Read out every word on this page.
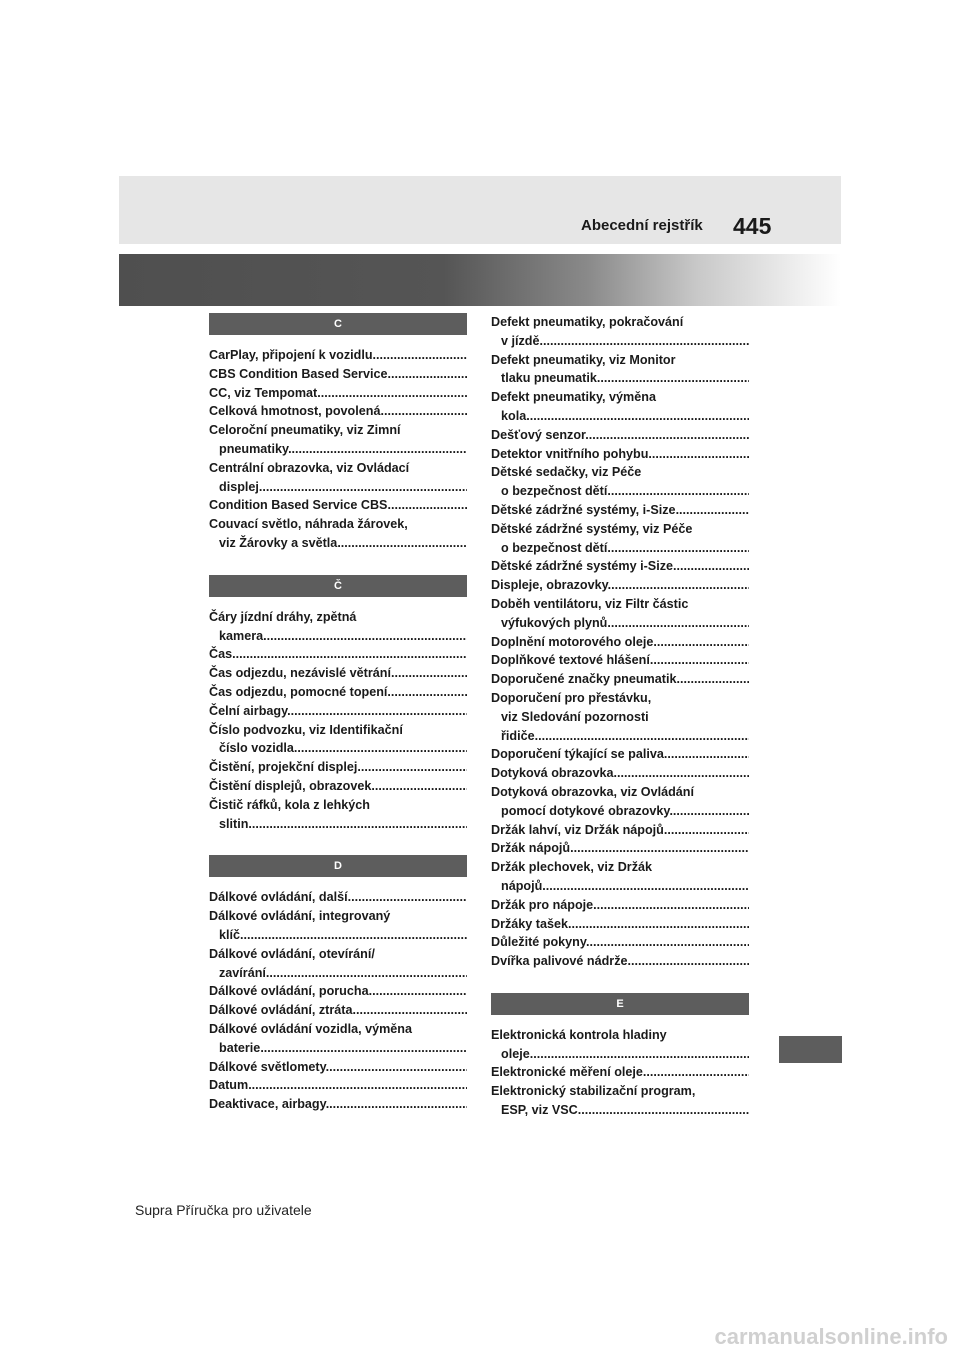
Abecední rejstřík 445
C
CarPlay, připojení k vozidlu.....
CBS Condition Based Service.....
CC, viz Tempomat.....
Celková hmotnost, povolená.....
Celoroční pneumatiky, viz Zimní
pneumatiky.....
Centrální obrazovka, viz Ovládací
displej.....
Condition Based Service CBS.....
Couvací světlo, náhrada žárovek,
viz Žárovky a světla.....
Č
Čáry jízdní dráhy, zpětná
kamera.....
Čas.....
Čas odjezdu, nezávislé větrání.....
Čas odjezdu, pomocné topení.....
Čelní airbagy.....
Číslo podvozku, viz Identifikační
číslo vozidla.....
Čistění, projekční displej.....
Čistění displejů, obrazovek.....
Čistič ráfků, kola z lehkých
slitin.....
D
Dálkové ovládání, další.....
Dálkové ovládání, integrovaný
klíč.....
Dálkové ovládání, otevírání/
zavírání.....
Dálkové ovládání, porucha.....
Dálkové ovládání, ztráta.....
Dálkové ovládání vozidla, výměna
baterie.....
Dálkové světlomety.....
Datum.....
Deaktivace, airbagy.....
Defekt pneumatiky, pokračování
v jízdě.....
Defekt pneumatiky, viz Monitor
tlaku pneumatik.....
Defekt pneumatiky, výměna
kola.....
Dešťový senzor.....
Detektor vnitřního pohybu.....
Dětské sedačky, viz Péče
o bezpečnost dětí.....
Dětské zádržné systémy, i-Size.....
Dětské zádržné systémy, viz Péče
o bezpečnost dětí.....
Dětské zádržné systémy i-Size.....
Displeje, obrazovky.....
Doběh ventilátoru, viz Filtr částic
výfukových plynů.....
Doplnění motorového oleje.....
Doplňkové textové hlášení.....
Doporučené značky pneumatik.....
Doporučení pro přestávku,
viz Sledování pozornosti
řidiče.....
Doporučení týkající se paliva.....
Dotyková obrazovka.....
Dotyková obrazovka, viz Ovládání
pomocí dotykové obrazovky.....
Držák lahví, viz Držák nápojů.....
Držák nápojů.....
Držák plechovek, viz Držák
nápojů.....
Držák pro nápoje.....
Držáky tašek.....
Důležité pokyny.....
Dvířka palivové nádrže.....
E
Elektronická kontrola hladiny
oleje......
Elektronické měření oleje.....
Elektronický stabilizační program,
ESP, viz VSC.....
Supra Příručka pro uživatele
carmanualsonline.info
